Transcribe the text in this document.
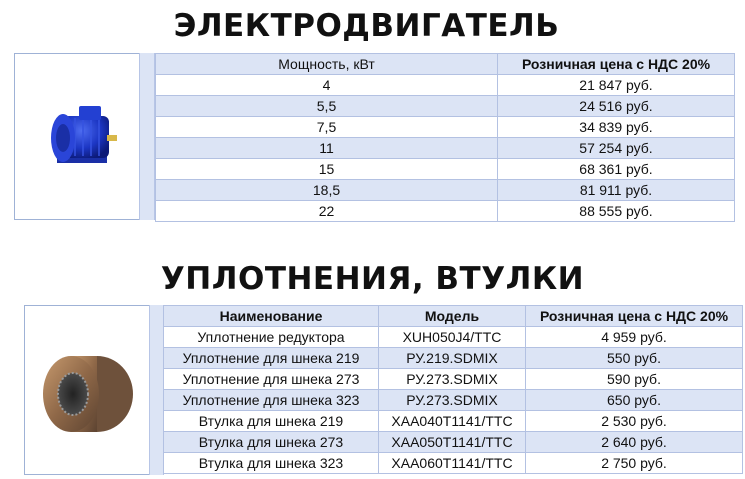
ЭЛЕКТРОДВИГАТЕЛЬ
Мощность, кВт	Розничная цена с НДС 20%
4	21 847 руб.
5,5	24 516 руб.
7,5	34 839 руб.
11	57 254 руб.
15	68 361 руб.
18,5	81 911 руб.
22	88 555 руб.
УПЛОТНЕНИЯ, ВТУЛКИ
Наименование	Модель	Розничная цена с НДС 20%
Уплотнение редуктора	XUH050J4/TTC	4 959 руб.
Уплотнение для шнека 219	РУ.219.SDMIX	550 руб.
Уплотнение для шнека 273	РУ.273.SDMIX	590 руб.
Уплотнение для шнека 323	РУ.273.SDMIX	650 руб.
Втулка для шнека 219	XAA040T1141/TTC	2 530 руб.
Втулка для шнека 273	XAA050T1141/TTC	2 640 руб.
Втулка для шнека 323	XAA060T1141/TTC	2 750 руб.
